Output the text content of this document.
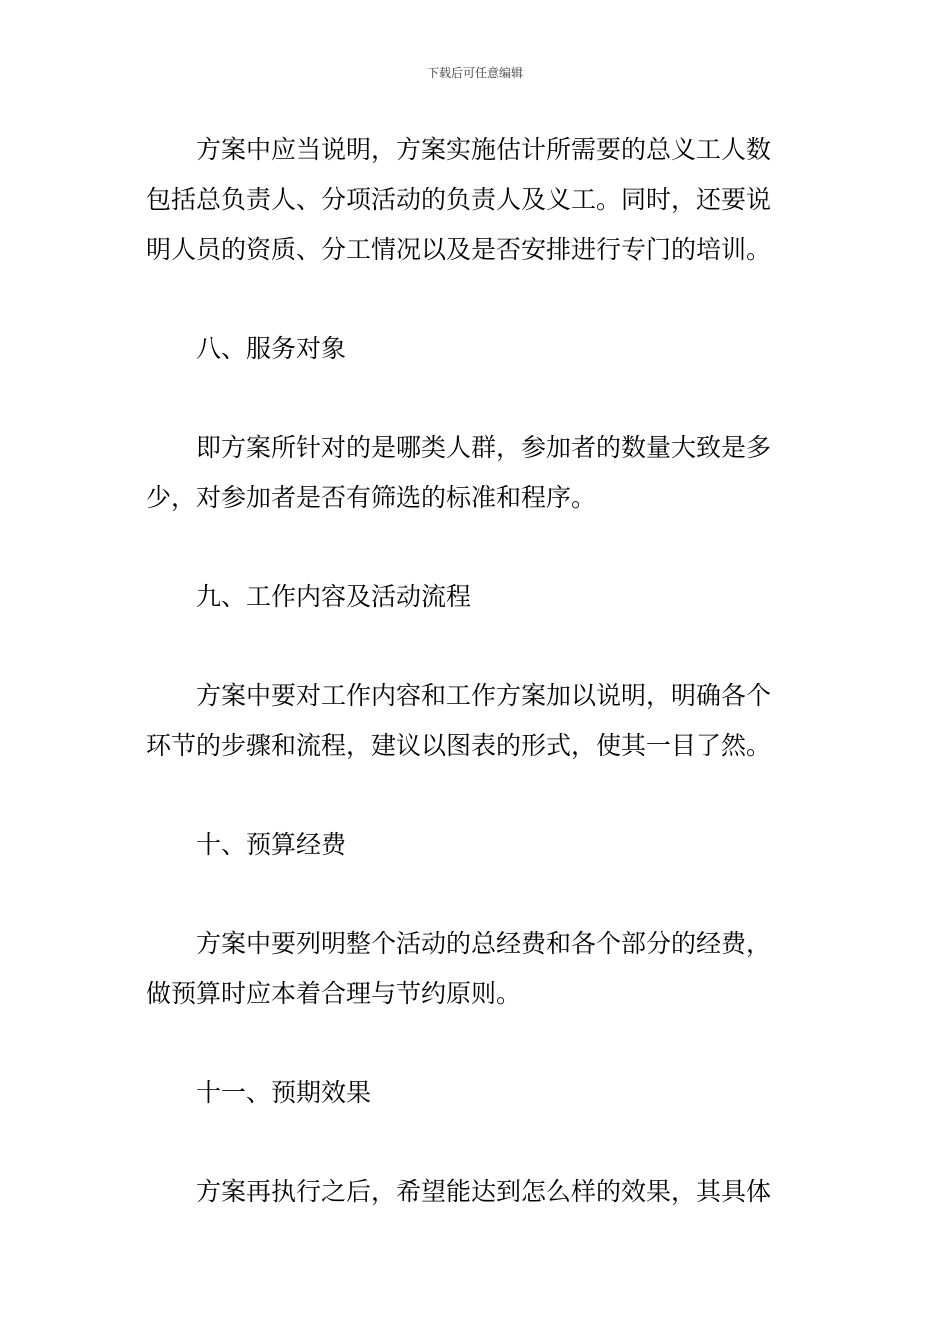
下载后可任意编辑
方案中应当说明，方案实施估计所需要的总义工人数
包括总负责人、分项活动的负责人及义工。同时，还要说
明人员的资质、分工情况以及是否安排进行专门的培训。
八、服务对象
即方案所针对的是哪类人群，参加者的数量大致是多
少，对参加者是否有筛选的标准和程序。
九、工作内容及活动流程
方案中要对工作内容和工作方案加以说明，明确各个
环节的步骤和流程，建议以图表的形式，使其一目了然。
十、预算经费
方案中要列明整个活动的总经费和各个部分的经费，
做预算时应本着合理与节约原则。
十一、预期效果
方案再执行之后，希望能达到怎么样的效果，其具体
